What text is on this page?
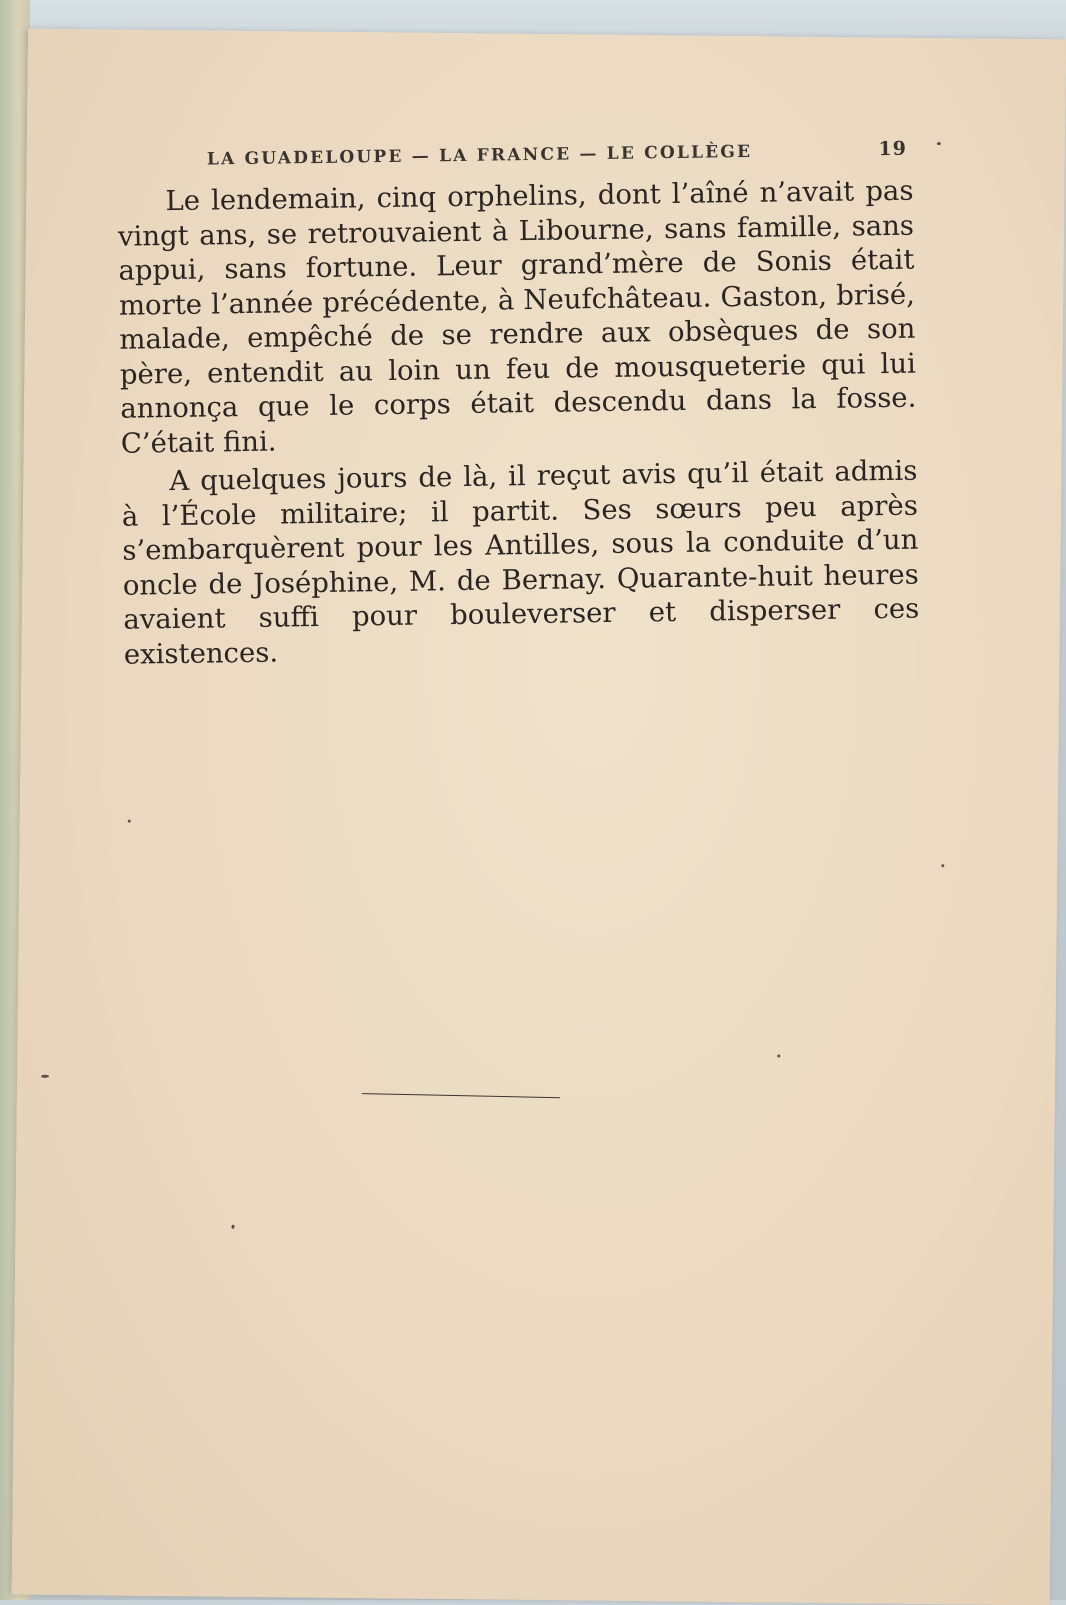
LA GUADELOUPE — LA FRANCE — LE COLLÈGE	19

Le lendemain, cinq orphelins, dont l’aîné n’avait pas vingt ans, se retrouvaient à Libourne, sans famille, sans appui, sans fortune. Leur grand’mère de Sonis était morte l’année précédente, à Neufchâteau. Gaston, brisé, malade, empêché de se rendre aux obsèques de son père, entendit au loin un feu de mousqueterie qui lui annonça que le corps était descendu dans la fosse. C’était fini.

A quelques jours de là, il reçut avis qu’il était admis à l’École militaire; il partit. Ses sœurs peu après s’embarquèrent pour les Antilles, sous la conduite d’un oncle de Joséphine, M. de Bernay. Quarante-huit heures avaient suffi pour bouleverser et disperser ces existences.
